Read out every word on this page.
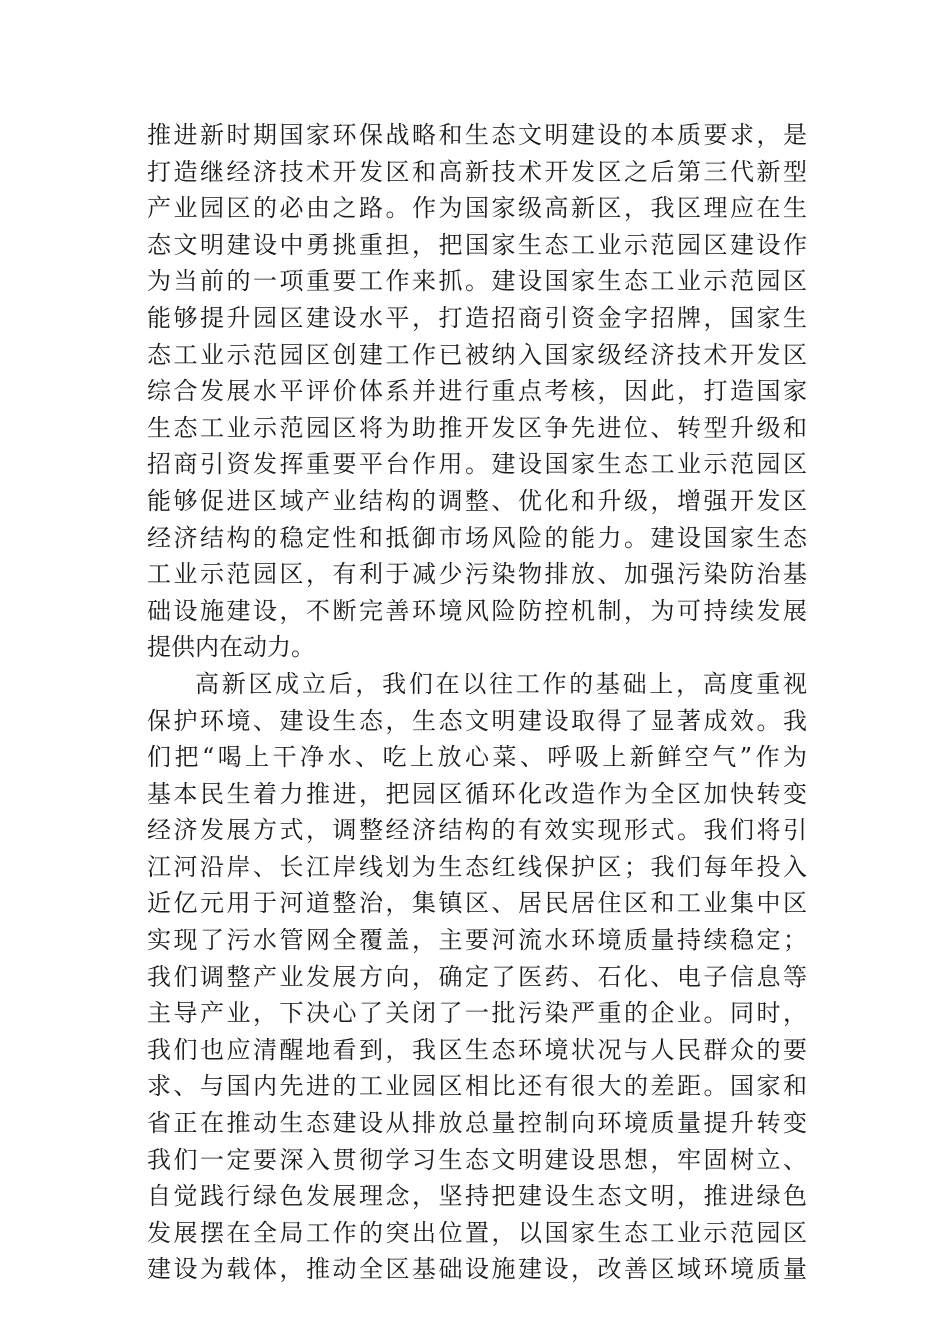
推进新时期国家环保战略和生态文明建设的本质要求，是
打造继经济技术开发区和高新技术开发区之后第三代新型
产业园区的必由之路。作为国家级高新区，我区理应在生
态文明建设中勇挑重担，把国家生态工业示范园区建设作
为当前的一项重要工作来抓。建设国家生态工业示范园区
能够提升园区建设水平，打造招商引资金字招牌，国家生
态工业示范园区创建工作已被纳入国家级经济技术开发区
综合发展水平评价体系并进行重点考核，因此，打造国家
生态工业示范园区将为助推开发区争先进位、转型升级和
招商引资发挥重要平台作用。建设国家生态工业示范园区
能够促进区域产业结构的调整、优化和升级，增强开发区
经济结构的稳定性和抵御市场风险的能力。建设国家生态
工业示范园区，有利于减少污染物排放、加强污染防治基
础设施建设，不断完善环境风险防控机制，为可持续发展
提供内在动力。
高新区成立后，我们在以往工作的基础上，高度重视
保护环境、建设生态，生态文明建设取得了显著成效。我
们把“喝上干净水、吃上放心菜、呼吸上新鲜空气”作为
基本民生着力推进，把园区循环化改造作为全区加快转变
经济发展方式，调整经济结构的有效实现形式。我们将引
江河沿岸、长江岸线划为生态红线保护区；我们每年投入
近亿元用于河道整治，集镇区、居民居住区和工业集中区
实现了污水管网全覆盖，主要河流水环境质量持续稳定；
我们调整产业发展方向，确定了医药、石化、电子信息等
主导产业，下决心了关闭了一批污染严重的企业。同时，
我们也应清醒地看到，我区生态环境状况与人民群众的要
求、与国内先进的工业园区相比还有很大的差距。国家和
省正在推动生态建设从排放总量控制向环境质量提升转变
我们一定要深入贯彻学习生态文明建设思想，牢固树立、
自觉践行绿色发展理念，坚持把建设生态文明，推进绿色
发展摆在全局工作的突出位置，以国家生态工业示范园区
建设为载体，推动全区基础设施建设，改善区域环境质量
